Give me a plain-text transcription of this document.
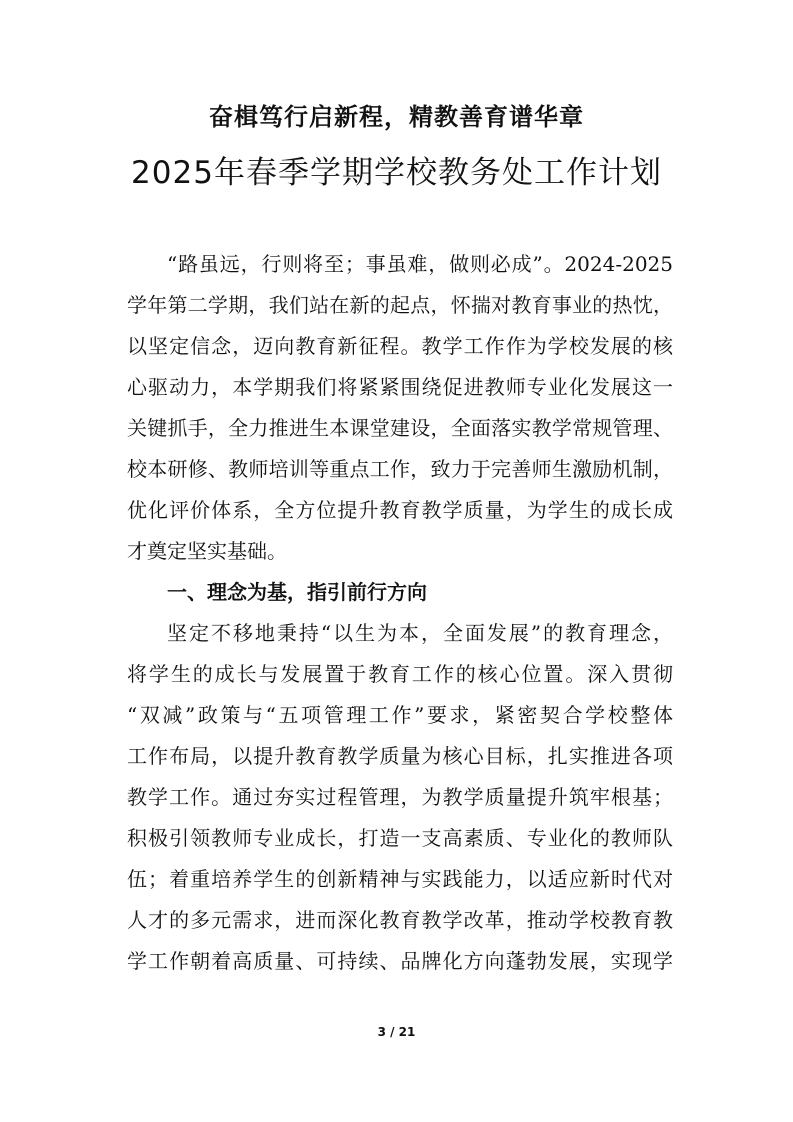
奋楫笃行启新程，精教善育谱华章
2025年春季学期学校教务处工作计划
“路虽远，行则将至；事虽难，做则必成”。2024-2025
学年第二学期，我们站在新的起点，怀揣对教育事业的热忱，
以坚定信念，迈向教育新征程。教学工作作为学校发展的核
心驱动力，本学期我们将紧紧围绕促进教师专业化发展这一
关键抓手，全力推进生本课堂建设，全面落实教学常规管理、
校本研修、教师培训等重点工作，致力于完善师生激励机制，
优化评价体系，全方位提升教育教学质量，为学生的成长成
才奠定坚实基础。
一、理念为基，指引前行方向
坚定不移地秉持“以生为本，全面发展”的教育理念，
将学生的成长与发展置于教育工作的核心位置。深入贯彻
“双减”政策与“五项管理工作”要求，紧密契合学校整体
工作布局，以提升教育教学质量为核心目标，扎实推进各项
教学工作。通过夯实过程管理，为教学质量提升筑牢根基；
积极引领教师专业成长，打造一支高素质、专业化的教师队
伍；着重培养学生的创新精神与实践能力，以适应新时代对
人才的多元需求，进而深化教育教学改革，推动学校教育教
学工作朝着高质量、可持续、品牌化方向蓬勃发展，实现学
3 / 21
